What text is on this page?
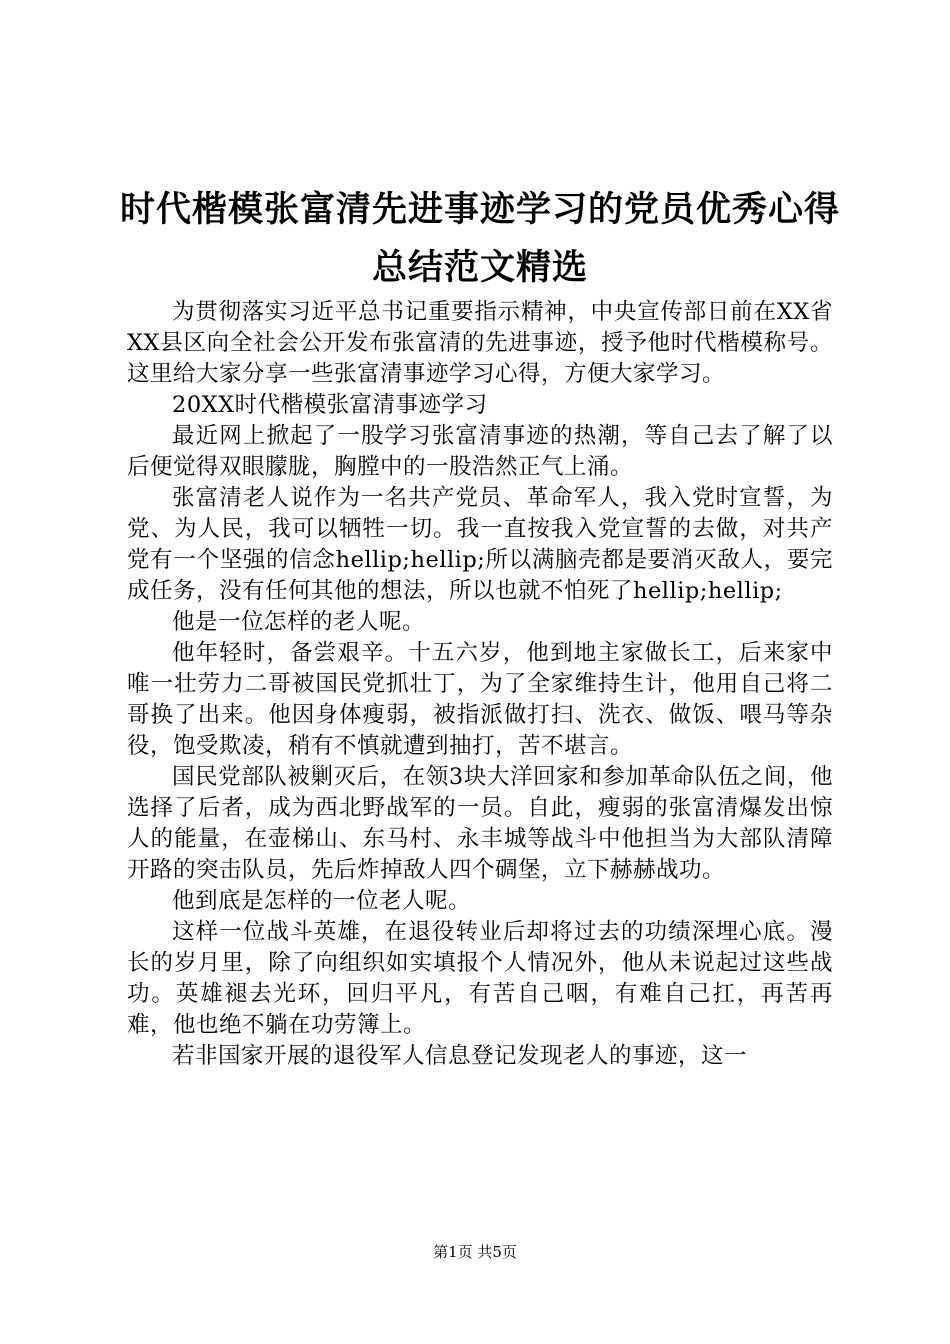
时代楷模张富清先进事迹学习的党员优秀心得
总结范文精选

为贯彻落实习近平总书记重要指示精神，中央宣传部日前在XX省XX县区向全社会公开发布张富清的先进事迹，授予他时代楷模称号。这里给大家分享一些张富清事迹学习心得，方便大家学习。

20XX时代楷模张富清事迹学习

最近网上掀起了一股学习张富清事迹的热潮，等自己去了解了以后便觉得双眼朦胧，胸膛中的一股浩然正气上涌。

张富清老人说作为一名共产党员、革命军人，我入党时宣誓，为党、为人民，我可以牺牲一切。我一直按我入党宣誓的去做，对共产党有一个坚强的信念hellip;hellip;所以满脑壳都是要消灭敌人，要完成任务，没有任何其他的想法，所以也就不怕死了hellip;hellip;

他是一位怎样的老人呢。

他年轻时，备尝艰辛。十五六岁，他到地主家做长工，后来家中唯一壮劳力二哥被国民党抓壮丁，为了全家维持生计，他用自己将二哥换了出来。他因身体瘦弱，被指派做打扫、洗衣、做饭、喂马等杂役，饱受欺凌，稍有不慎就遭到抽打，苦不堪言。

国民党部队被剿灭后，在领3块大洋回家和参加革命队伍之间，他选择了后者，成为西北野战军的一员。自此，瘦弱的张富清爆发出惊人的能量，在壶梯山、东马村、永丰城等战斗中他担当为大部队清障开路的突击队员，先后炸掉敌人四个碉堡，立下赫赫战功。

他到底是怎样的一位老人呢。

这样一位战斗英雄，在退役转业后却将过去的功绩深埋心底。漫长的岁月里，除了向组织如实填报个人情况外，他从未说起过这些战功。英雄褪去光环，回归平凡，有苦自己咽，有难自己扛，再苦再难，他也绝不躺在功劳簿上。

若非国家开展的退役军人信息登记发现老人的事迹，这一

第1页 共5页
